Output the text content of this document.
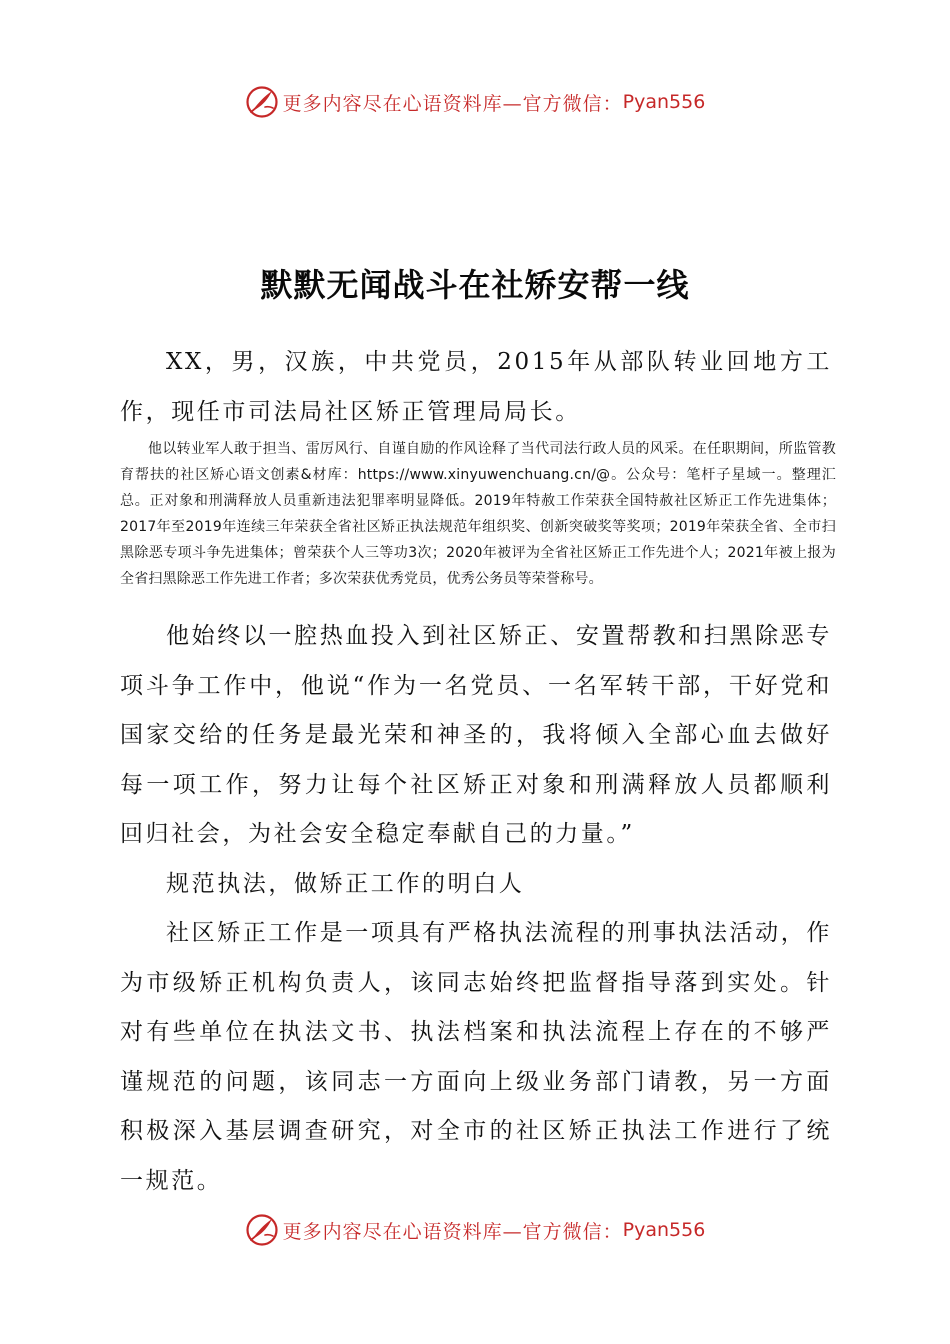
更多内容尽在心语资料库—官方微信： Pyan556
默默无闻战斗在社矫安帮一线

XX，男，汉族，中共党员，2015年从部队转业回地方工作，现任市司法局社区矫正管理局局长。

他以转业军人敢于担当、雷厉风行、自谨自励的作风诠释了当代司法行政人员的风采。在任职期间，所监管教育帮扶的社区矫心语文创素&材库：https://www.xinyuwenchuang.cn/@。公众号：笔杆子星域一。整理汇总。正对象和刑满释放人员重新违法犯罪率明显降低。2019年特赦工作荣获全国特赦社区矫正工作先进集体；2017年至2019年连续三年荣获全省社区矫正执法规范年组织奖、创新突破奖等奖项；2019年荣获全省、全市扫黑除恶专项斗争先进集体；曾荣获个人三等功3次；2020年被评为全省社区矫正工作先进个人；2021年被上报为全省扫黑除恶工作先进工作者；多次荣获优秀党员，优秀公务员等荣誉称号。

他始终以一腔热血投入到社区矫正、安置帮教和扫黑除恶专项斗争工作中，他说“作为一名党员、一名军转干部，干好党和国家交给的任务是最光荣和神圣的，我将倾入全部心血去做好每一项工作，努力让每个社区矫正对象和刑满释放人员都顺利回归社会，为社会安全稳定奉献自己的力量。”

规范执法，做矫正工作的明白人

社区矫正工作是一项具有严格执法流程的刑事执法活动，作为市级矫正机构负责人，该同志始终把监督指导落到实处。针对有些单位在执法文书、执法档案和执法流程上存在的不够严谨规范的问题，该同志一方面向上级业务部门请教，另一方面积极深入基层调查研究，对全市的社区矫正执法工作进行了统一规范。

更多内容尽在心语资料库—官方微信： Pyan556
